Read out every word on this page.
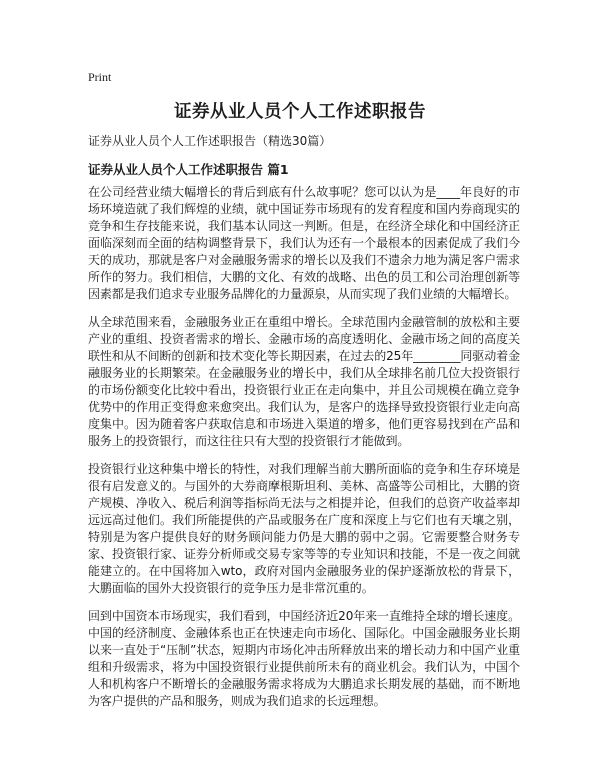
Print
证券从业人员个人工作述职报告

证券从业人员个人工作述职报告（精选30篇）

证券从业人员个人工作述职报告 篇1

在公司经营业绩大幅增长的背后到底有什么故事呢？您可以认为是____年良好的市场环境造就了我们辉煌的业绩，就中国证券市场现有的发育程度和国内券商现实的竞争和生存技能来说，我们基本认同这一判断。但是，在经济全球化和中国经济正面临深刻而全面的结构调整背景下，我们认为还有一个最根本的因素促成了我们今天的成功，那就是客户对金融服务需求的增长以及我们不遗余力地为满足客户需求所作的努力。我们相信，大鹏的文化、有效的战略、出色的员工和公司治理创新等因素都是我们追求专业服务品牌化的力量源泉，从而实现了我们业绩的大幅增长。

从全球范围来看，金融服务业正在重组中增长。全球范围内金融管制的放松和主要产业的重组、投资者需求的增长、金融市场的高度透明化、金融市场之间的高度关联性和从不间断的创新和技术变化等长期因素，在过去的25年________同驱动着金融服务业的长期繁荣。在金融服务业的增长中，我们从全球排名前几位大投资银行的市场份额变化比较中看出，投资银行业正在走向集中，并且公司规模在确立竞争优势中的作用正变得愈来愈突出。我们认为，是客户的选择导致投资银行业走向高度集中。因为随着客户获取信息和市场进入渠道的增多，他们更容易找到在产品和服务上的投资银行，而这往往只有大型的投资银行才能做到。

投资银行业这种集中增长的特性，对我们理解当前大鹏所面临的竞争和生存环境是很有启发意义的。与国外的大券商摩根斯坦利、美林、高盛等公司相比，大鹏的资产规模、净收入、税后利润等指标尚无法与之相提并论，但我们的总资产收益率却远远高过他们。我们所能提供的产品或服务在广度和深度上与它们也有天壤之别，特别是为客户提供良好的财务顾问能力仍是大鹏的弱中之弱。它需要整合财务专家、投资银行家、证券分析师或交易专家等等的专业知识和技能，不是一夜之间就能建立的。在中国将加入wto，政府对国内金融服务业的保护逐渐放松的背景下，大鹏面临的国外大投资银行的竞争压力是非常沉重的。

回到中国资本市场现实，我们看到，中国经济近20年来一直维持全球的增长速度。中国的经济制度、金融体系也正在快速走向市场化、国际化。中国金融服务业长期以来一直处于“压制”状态，短期内市场化冲击所释放出来的增长动力和中国产业重组和升级需求，将为中国投资银行业提供前所未有的商业机会。我们认为，中国个人和机构客户不断增长的金融服务需求将成为大鹏追求长期发展的基础，而不断地为客户提供的产品和服务，则成为我们追求的长远理想。
